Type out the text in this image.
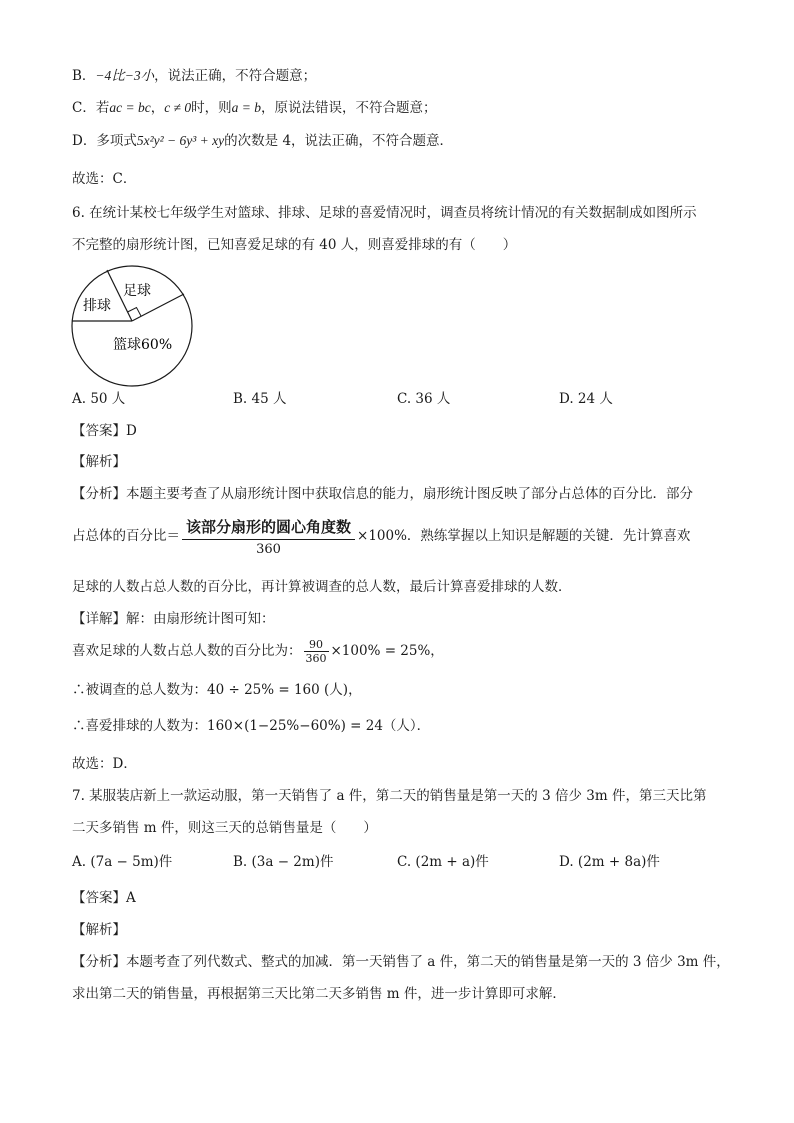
B．−4比−3小，说法正确，不符合题意；
C．若ac = bc，c ≠ 0时，则a = b，原说法错误，不符合题意；
D．多项式5x²y² − 6y³ + xy的次数是 4，说法正确，不符合题意．
故选：C．
6. 在统计某校七年级学生对篮球、排球、足球的喜爱情况时，调查员将统计情况的有关数据制成如图所示
不完整的扇形统计图，已知喜爱足球的有 40 人，则喜爱排球的有（　　）
足球
排球
篮球60%
A. 50 人	B. 45 人	C. 36 人	D. 24 人
【答案】D
【解析】
【分析】本题主要考查了从扇形统计图中获取信息的能力，扇形统计图反映了部分占总体的百分比．部分
占总体的百分比＝ $\frac{\text{该部分扇形的圆心角度数}}{360} \times 100\%$．熟练掌握以上知识是解题的关键．先计算喜欢
足球的人数占总人数的百分比，再计算被调查的总人数，最后计算喜爱排球的人数．
【详解】解：由扇形统计图可知：
喜欢足球的人数占总人数的百分比为： $\frac{90}{360} \times 100\% = 25\%$，
∴被调查的总人数为：40 ÷ 25% = 160 (人)，
∴喜爱排球的人数为：160×(1−25%−60%) = 24（人）．
故选：D．
7. 某服装店新上一款运动服，第一天销售了 a 件，第二天的销售量是第一天的 3 倍少 3m 件，第三天比第
二天多销售 m 件，则这三天的总销售量是（　　）
A. (7a − 5m)件	B. (3a − 2m)件	C. (2m + a)件	D. (2m + 8a)件
【答案】A
【解析】
【分析】本题考查了列代数式、整式的加减．第一天销售了 a 件，第二天的销售量是第一天的 3 倍少 3m 件，
求出第二天的销售量，再根据第三天比第二天多销售 m 件，进一步计算即可求解．
